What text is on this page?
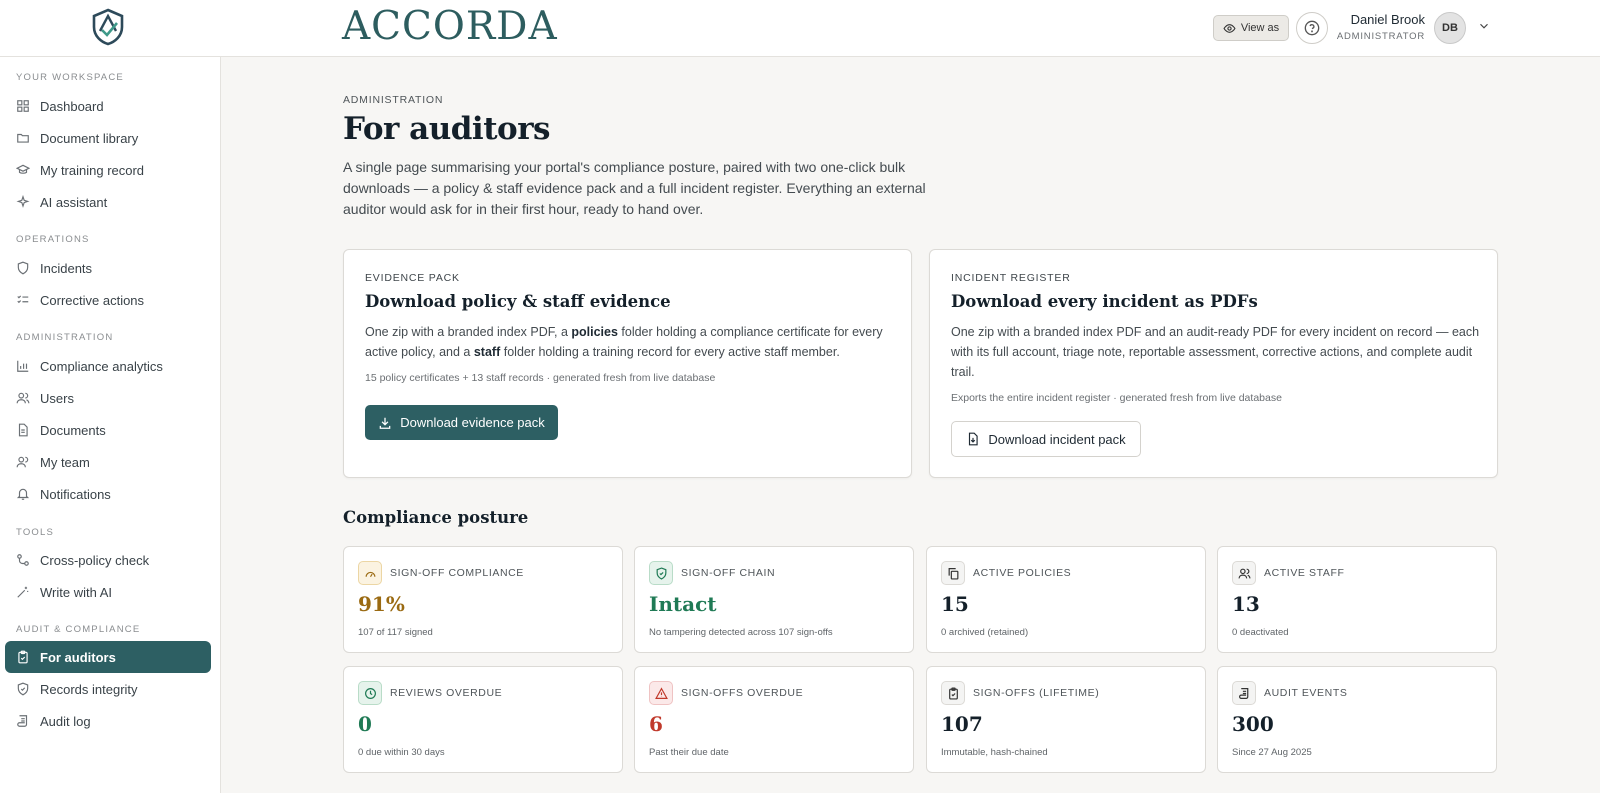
ACCORDA	View as
Daniel Brook
ADMINISTRATOR
DB
YOUR WORKSPACE
Dashboard
Document library
My training record
AI assistant
OPERATIONS
Incidents
Corrective actions
ADMINISTRATION
Compliance analytics
Users
Documents
My team
Notifications
TOOLS
Cross-policy check
Write with AI
AUDIT & COMPLIANCE
For auditors
Records integrity
Audit log
ADMINISTRATION
For auditors
A single page summarising your portal's compliance posture, paired with two one-click bulk downloads — a policy & staff evidence pack and a full incident register. Everything an external auditor would ask for in their first hour, ready to hand over.
EVIDENCE PACK
Download policy & staff evidence
One zip with a branded index PDF, a policies folder holding a compliance certificate for every active policy, and a staff folder holding a training record for every active staff member.
15 policy certificates + 13 staff records · generated fresh from live database
Download evidence pack
INCIDENT REGISTER
Download every incident as PDFs
One zip with a branded index PDF and an audit-ready PDF for every incident on record — each with its full account, triage note, reportable assessment, corrective actions, and complete audit trail.
Exports the entire incident register · generated fresh from live database
Download incident pack
Compliance posture
SIGN-OFF COMPLIANCE
91%
107 of 117 signed
SIGN-OFF CHAIN
Intact
No tampering detected across 107 sign-offs
ACTIVE POLICIES
15
0 archived (retained)
ACTIVE STAFF
13
0 deactivated
REVIEWS OVERDUE
0
0 due within 30 days
SIGN-OFFS OVERDUE
6
Past their due date
SIGN-OFFS (LIFETIME)
107
Immutable, hash-chained
AUDIT EVENTS
300
Since 27 Aug 2025
